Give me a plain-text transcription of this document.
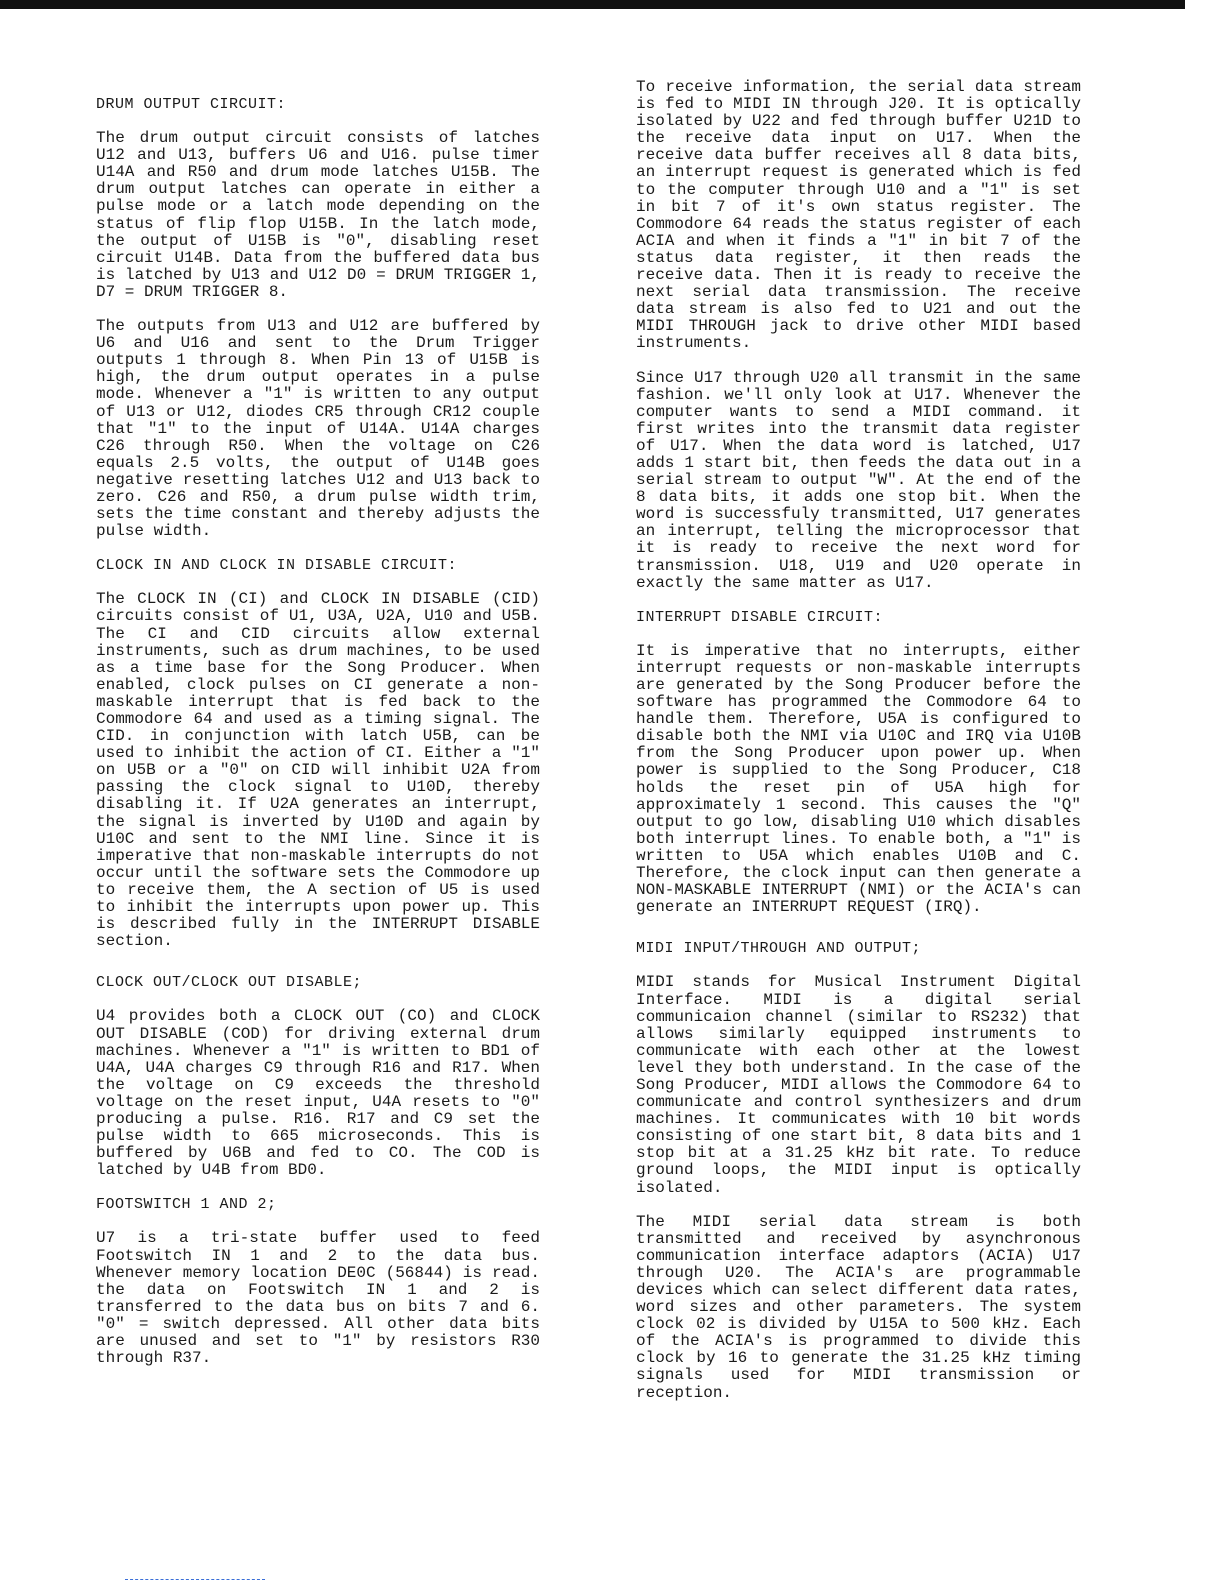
DRUM OUTPUT CIRCUIT:

The drum output circuit consists of latches U12 and U13, buffers U6 and U16. pulse timer U14A and R50 and drum mode latches U15B. The drum output latches can operate in either a pulse mode or a latch mode depending on the status of flip flop U15B. In the latch mode, the output of U15B is "0", disabling reset circuit U14B. Data from the buffered data bus is latched by U13 and U12 D0 = DRUM TRIGGER 1, D7 = DRUM TRIGGER 8.

The outputs from U13 and U12 are buffered by U6 and U16 and sent to the Drum Trigger outputs 1 through 8. When Pin 13 of U15B is high, the drum output operates in a pulse mode. Whenever a "1" is written to any output of U13 or U12, diodes CR5 through CR12 couple that "1" to the input of U14A. U14A charges C26 through R50. When the voltage on C26 equals 2.5 volts, the output of U14B goes negative resetting latches U12 and U13 back to zero. C26 and R50, a drum pulse width trim, sets the time constant and thereby adjusts the pulse width.

CLOCK IN AND CLOCK IN DISABLE CIRCUIT:

The CLOCK IN (CI) and CLOCK IN DISABLE (CID) circuits consist of U1, U3A, U2A, U10 and U5B. The CI and CID circuits allow external instruments, such as drum machines, to be used as a time base for the Song Producer. When enabled, clock pulses on CI generate a non-maskable interrupt that is fed back to the Commodore 64 and used as a timing signal. The CID. in conjunction with latch U5B, can be used to inhibit the action of CI. Either a "1" on U5B or a "0" on CID will inhibit U2A from passing the clock signal to U10D, thereby disabling it. If U2A generates an interrupt, the signal is inverted by U10D and again by U10C and sent to the NMI line. Since it is imperative that non-maskable interrupts do not occur until the software sets the Commodore up to receive them, the A section of U5 is used to inhibit the interrupts upon power up. This is described fully in the INTERRUPT DISABLE section.

CLOCK OUT/CLOCK OUT DISABLE;

U4 provides both a CLOCK OUT (CO) and CLOCK OUT DISABLE (COD) for driving external drum machines. Whenever a "1" is written to BD1 of U4A, U4A charges C9 through R16 and R17. When the voltage on C9 exceeds the threshold voltage on the reset input, U4A resets to "0" producing a pulse. R16. R17 and C9 set the pulse width to 665 microseconds. This is buffered by U6B and fed to CO. The COD is latched by U4B from BD0.

FOOTSWITCH 1 AND 2;

U7 is a tri-state buffer used to feed Footswitch IN 1 and 2 to the data bus. Whenever memory location DE0C (56844) is read. the data on Footswitch IN 1 and 2 is transferred to the data bus on bits 7 and 6. "0" = switch depressed. All other data bits are unused and set to "1" by resistors R30 through R37.

To receive information, the serial data stream is fed to MIDI IN through J20. It is optically isolated by U22 and fed through buffer U21D to the receive data input on U17. When the receive data buffer receives all 8 data bits, an interrupt request is generated which is fed to the computer through U10 and a "1" is set in bit 7 of it's own status register. The Commodore 64 reads the status register of each ACIA and when it finds a "1" in bit 7 of the status data register, it then reads the receive data. Then it is ready to receive the next serial data transmission. The receive data stream is also fed to U21 and out the MIDI THROUGH jack to drive other MIDI based instruments.

Since U17 through U20 all transmit in the same fashion. we'll only look at U17. Whenever the computer wants to send a MIDI command. it first writes into the transmit data register of U17. When the data word is latched, U17 adds 1 start bit, then feeds the data out in a serial stream to output "W". At the end of the 8 data bits, it adds one stop bit. When the word is successfuly transmitted, U17 generates an interrupt, telling the microprocessor that it is ready to receive the next word for transmission. U18, U19 and U20 operate in exactly the same matter as U17.

INTERRUPT DISABLE CIRCUIT:

It is imperative that no interrupts, either interrupt requests or non-maskable interrupts are generated by the Song Producer before the software has programmed the Commodore 64 to handle them. Therefore, U5A is configured to disable both the NMI via U10C and IRQ via U10B from the Song Producer upon power up. When power is supplied to the Song Producer, C18 holds the reset pin of U5A high for approximately 1 second. This causes the "Q" output to go low, disabling U10 which disables both interrupt lines. To enable both, a "1" is written to U5A which enables U10B and C. Therefore, the clock input can then generate a NON-MASKABLE INTERRUPT (NMI) or the ACIA's can generate an INTERRUPT REQUEST (IRQ).

MIDI INPUT/THROUGH AND OUTPUT;

MIDI stands for Musical Instrument Digital Interface. MIDI is a digital serial communicaion channel (similar to RS232) that allows similarly equipped instruments to communicate with each other at the lowest level they both understand. In the case of the Song Producer, MIDI allows the Commodore 64 to communicate and control synthesizers and drum machines. It communicates with 10 bit words consisting of one start bit, 8 data bits and 1 stop bit at a 31.25 kHz bit rate. To reduce ground loops, the MIDI input is optically isolated.

The MIDI serial data stream is both transmitted and received by asynchronous communication interface adaptors (ACIA) U17 through U20. The ACIA's are programmable devices which can select different data rates, word sizes and other parameters. The system clock 02 is divided by U15A to 500 kHz. Each of the ACIA's is programmed to divide this clock by 16 to generate the 31.25 kHz timing signals used for MIDI transmission or reception.
